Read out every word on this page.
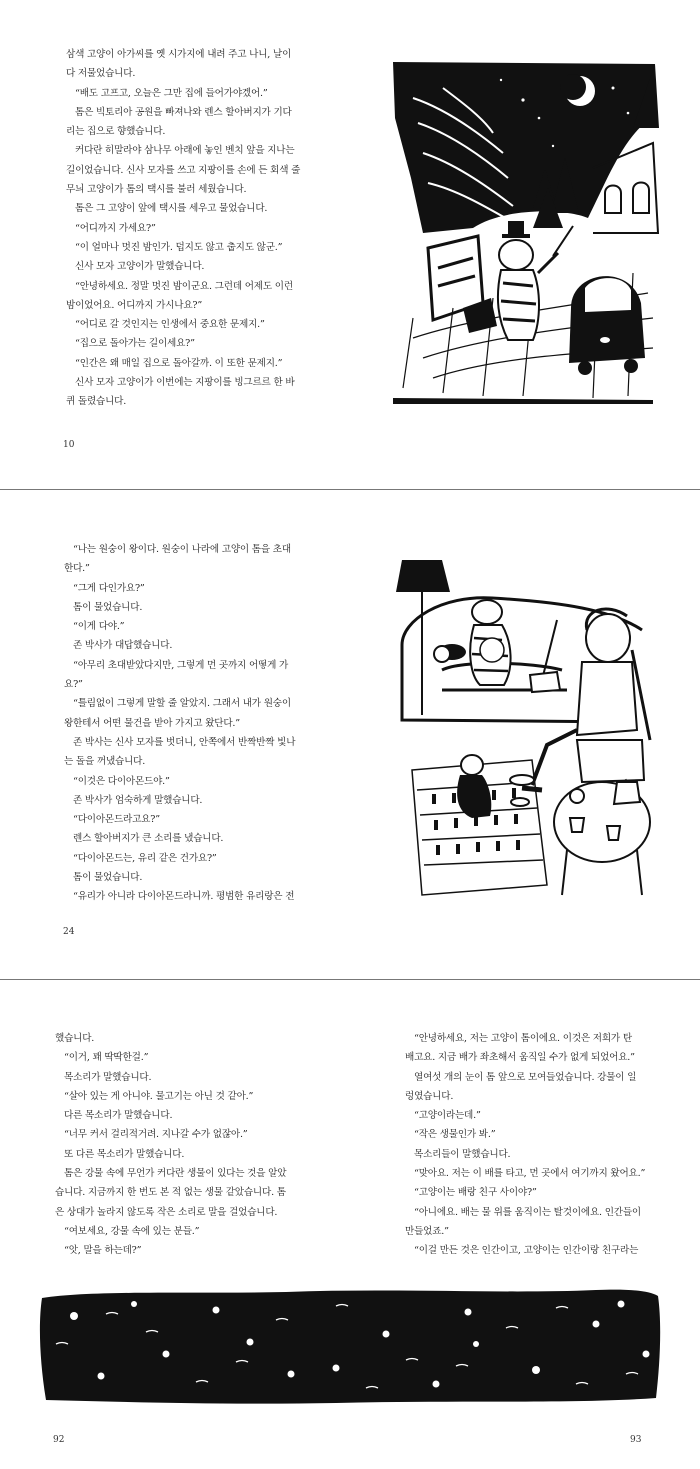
삼색 고양이 아가씨를 옛 시가지에 내려 주고 나니, 날이

다 저물었습니다.

“배도 고프고, 오늘은 그만 집에 들어가야겠어.”

톰은 빅토리아 공원을 빠져나와 렌스 할아버지가 기다

리는 집으로 향했습니다.

커다란 히말라야 삼나무 아래에 놓인 벤치 앞을 지나는

길이었습니다. 신사 모자를 쓰고 지팡이를 손에 든 회색 줄

무늬 고양이가 톰의 택시를 불러 세웠습니다.

톰은 그 고양이 앞에 택시를 세우고 물었습니다.

“어디까지 가세요?”

“이 얼마나 멋진 밤인가. 덥지도 않고 춥지도 않군.”

신사 모자 고양이가 말했습니다.

“안녕하세요. 정말 멋진 밤이군요. 그런데 어제도 이런

밤이었어요. 어디까지 가시나요?”

“어디로 갈 것인지는 인생에서 중요한 문제지.”

“집으로 돌아가는 길이세요?”

“인간은 왜 매일 집으로 돌아갈까. 이 또한 문제지.”

신사 모자 고양이가 이번에는 지팡이를 빙그르르 한 바

퀴 돌렸습니다.

10

“나는 원숭이 왕이다. 원숭이 나라에 고양이 톰을 초대

한다.”

“그게 다인가요?”

톰이 물었습니다.

“이게 다야.”

존 박사가 대답했습니다.

“아무리 초대받았다지만, 그렇게 먼 곳까지 어떻게 가

요?”

“틀림없이 그렇게 말할 줄 알았지. 그래서 내가 원숭이

왕한테서 어떤 물건을 받아 가지고 왔단다.”

존 박사는 신사 모자를 벗더니, 안쪽에서 반짝반짝 빛나

는 돌을 꺼냈습니다.

“이것은 다이아몬드야.”

존 박사가 엄숙하게 말했습니다.

“다이아몬드라고요?”

렌스 할아버지가 큰 소리를 냈습니다.

“다이아몬드는, 유리 같은 건가요?”

톰이 물었습니다.

“유리가 아니라 다이아몬드라니까. 평범한 유리랑은 전

24

했습니다.

“이거, 꽤 딱딱한걸.”

목소리가 말했습니다.

“살아 있는 게 아니야. 물고기는 아닌 것 같아.”

다른 목소리가 말했습니다.

“너무 커서 걸리적거려. 지나갈 수가 없잖아.”

또 다른 목소리가 말했습니다.

톰은 강물 속에 무언가 커다란 생물이 있다는 것을 알았

습니다. 지금까지 한 번도 본 적 없는 생물 같았습니다. 톰

은 상대가 놀라지 않도록 작은 소리로 말을 걸었습니다.

“여보세요, 강물 속에 있는 분들.”

“앗, 말을 하는데?”

“안녕하세요, 저는 고양이 톰이에요. 이것은 저희가 탄

배고요. 지금 배가 좌초해서 움직일 수가 없게 되었어요.”

열여섯 개의 눈이 톰 앞으로 모여들었습니다. 강물이 일

렁였습니다.

“고양이라는데.”

“작은 생물인가 봐.”

목소리들이 말했습니다.

“맞아요. 저는 이 배를 타고, 먼 곳에서 여기까지 왔어요.”

“고양이는 배랑 친구 사이야?”

“아니에요. 배는 물 위를 움직이는 탈것이에요. 인간들이

만들었죠.”

“이걸 만든 것은 인간이고, 고양이는 인간이랑 친구라는

92	93
